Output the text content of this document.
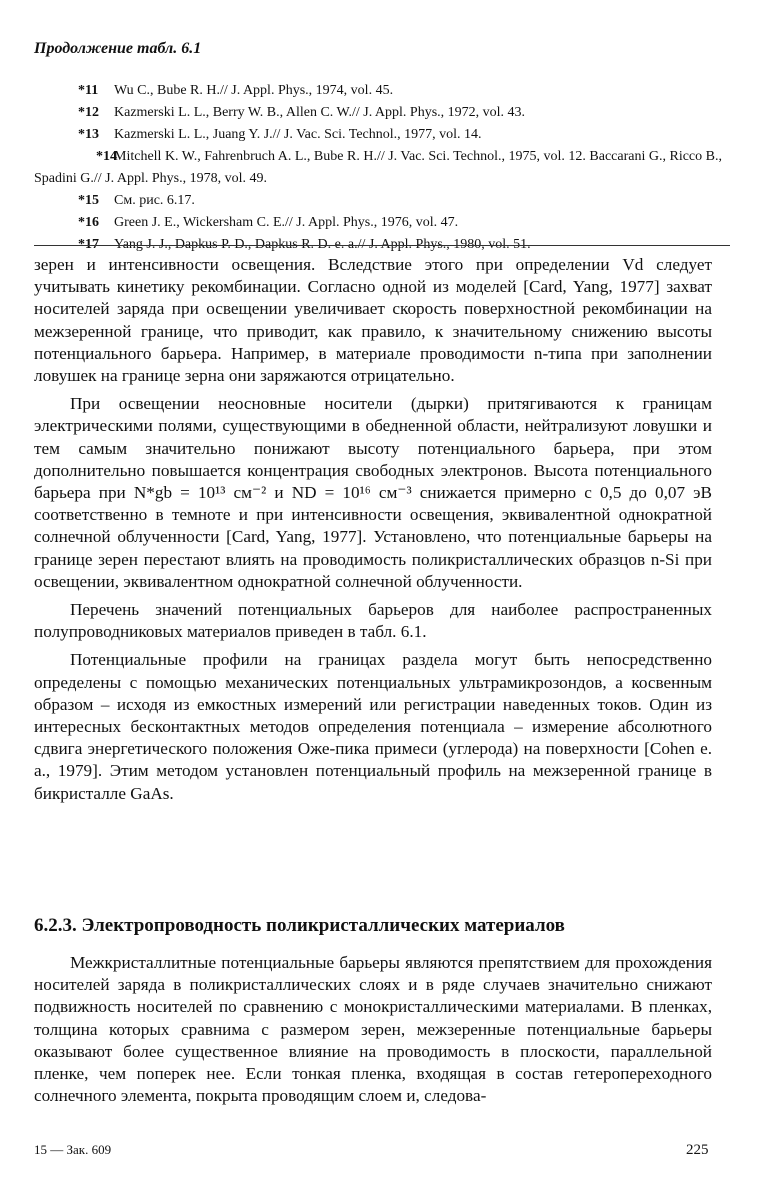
Продолжение табл. 6.1
*11 Wu C., Bube R. H.// J. Appl. Phys., 1974, vol. 45.
*12 Kazmerski L. L., Berry W. B., Allen C. W.// J. Appl. Phys., 1972, vol. 43.
*13 Kazmerski L. L., Juang Y. J.// J. Vac. Sci. Technol., 1977, vol. 14.
*14Mitchell K. W., Fahrenbruch A. L., Bube R. H.// J. Vac. Sci. Technol., 1975, vol. 12. Baccarani G., Ricco B., Spadini G.// J. Appl. Phys., 1978, vol. 49.
*15 См. рис. 6.17.
*16 Green J. E., Wickersham C. E.// J. Appl. Phys., 1976, vol. 47.
*17 Yang J. J., Dapkus P. D., Dapkus R. D. e. a.// J. Appl. Phys., 1980, vol. 51.

зерен и интенсивности освещения. Вследствие этого при определении Vd следует учитывать кинетику рекомбинации. Согласно одной из моделей [Card, Yang, 1977] захват носителей заряда при освещении увеличивает скорость поверхностной рекомбинации на межзеренной границе, что приводит, как правило, к значительному снижению высоты потенциального барьера. Например, в материале проводимости n-типа при заполнении ловушек на границе зерна они заряжаются отрицательно.

При освещении неосновные носители (дырки) притягиваются к границам электрическими полями, существующими в обедненной области, нейтрализуют ловушки и тем самым значительно понижают высоту потенциального барьера, при этом дополнительно повышается концентрация свободных электронов. Высота потенциального барьера при N*gb = 10¹³ см⁻² и ND = 10¹⁶ см⁻³ снижается примерно с 0,5 до 0,07 эВ соответственно в темноте и при интенсивности освещения, эквивалентной однократной солнечной облученности [Card, Yang, 1977]. Установлено, что потенциальные барьеры на границе зерен перестают влиять на проводимость поликристаллических образцов n-Si при освещении, эквивалентном однократной солнечной облученности.

Перечень значений потенциальных барьеров для наиболее распространенных полупроводниковых материалов приведен в табл. 6.1.

Потенциальные профили на границах раздела могут быть непосредственно определены с помощью механических потенциальных ультрамикрозондов, а косвенным образом – исходя из емкостных измерений или регистрации наведенных токов. Один из интересных бесконтактных методов определения потенциала – измерение абсолютного сдвига энергетического положения Оже-пика примеси (углерода) на поверхности [Cohen e. a., 1979]. Этим методом установлен потенциальный профиль на межзеренной границе в бикристалле GaAs.

6.2.3. Электропроводность поликристаллических материалов

Межкристаллитные потенциальные барьеры являются препятствием для прохождения носителей заряда в поликристаллических слоях и в ряде случаев значительно снижают подвижность носителей по сравнению с монокристаллическими материалами. В пленках, толщина которых сравнима с размером зерен, межзеренные потенциальные барьеры оказывают более существенное влияние на проводимость в плоскости, параллельной пленке, чем поперек нее. Если тонкая пленка, входящая в состав гетероперехoдного солнечного элемента, покрыта проводящим слоем и, следова-

15 — Зак. 609	225
